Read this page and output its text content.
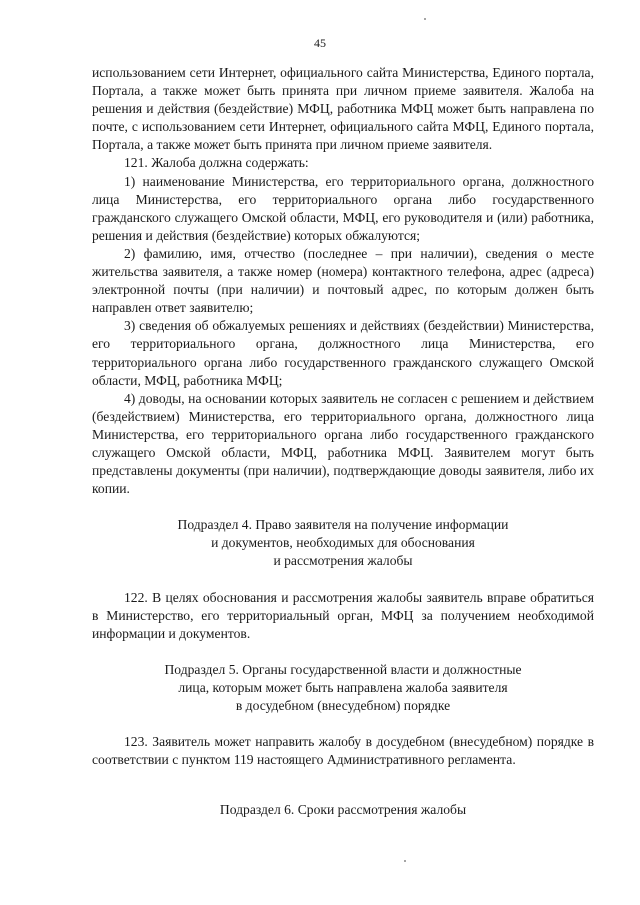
45

использованием сети Интернет, официального сайта Министерства, Единого портала, Портала, а также может быть принята при личном приеме заявителя. Жалоба на решения и действия (бездействие) МФЦ, работника МФЦ может быть направлена по почте, с использованием сети Интернет, официального сайта МФЦ, Единого портала, Портала, а также может быть принята при личном приеме заявителя.

121. Жалоба должна содержать:

1) наименование Министерства, его территориального органа, должностного лица Министерства, его территориального органа либо государственного гражданского служащего Омской области, МФЦ, его руководителя и (или) работника, решения и действия (бездействие) которых обжалуются;

2) фамилию, имя, отчество (последнее – при наличии), сведения о месте жительства заявителя, а также номер (номера) контактного телефона, адрес (адреса) электронной почты (при наличии) и почтовый адрес, по которым должен быть направлен ответ заявителю;

3) сведения об обжалуемых решениях и действиях (бездействии) Министерства, его территориального органа, должностного лица Министерства, его территориального органа либо государственного гражданского служащего Омской области, МФЦ, работника МФЦ;

4) доводы, на основании которых заявитель не согласен с решением и действием (бездействием) Министерства, его территориального органа, должностного лица Министерства, его территориального органа либо государственного гражданского служащего Омской области, МФЦ, работника МФЦ. Заявителем могут быть представлены документы (при наличии), подтверждающие доводы заявителя, либо их копии.

Подраздел 4. Право заявителя на получение информации
и документов, необходимых для обоснования
и рассмотрения жалобы

122. В целях обоснования и рассмотрения жалобы заявитель вправе обратиться в Министерство, его территориальный орган, МФЦ за получением необходимой информации и документов.

Подраздел 5. Органы государственной власти и должностные
лица, которым может быть направлена жалоба заявителя
в досудебном (внесудебном) порядке

123. Заявитель может направить жалобу в досудебном (внесудебном) порядке в соответствии с пунктом 119 настоящего Административного регламента.

Подраздел 6. Сроки рассмотрения жалобы
